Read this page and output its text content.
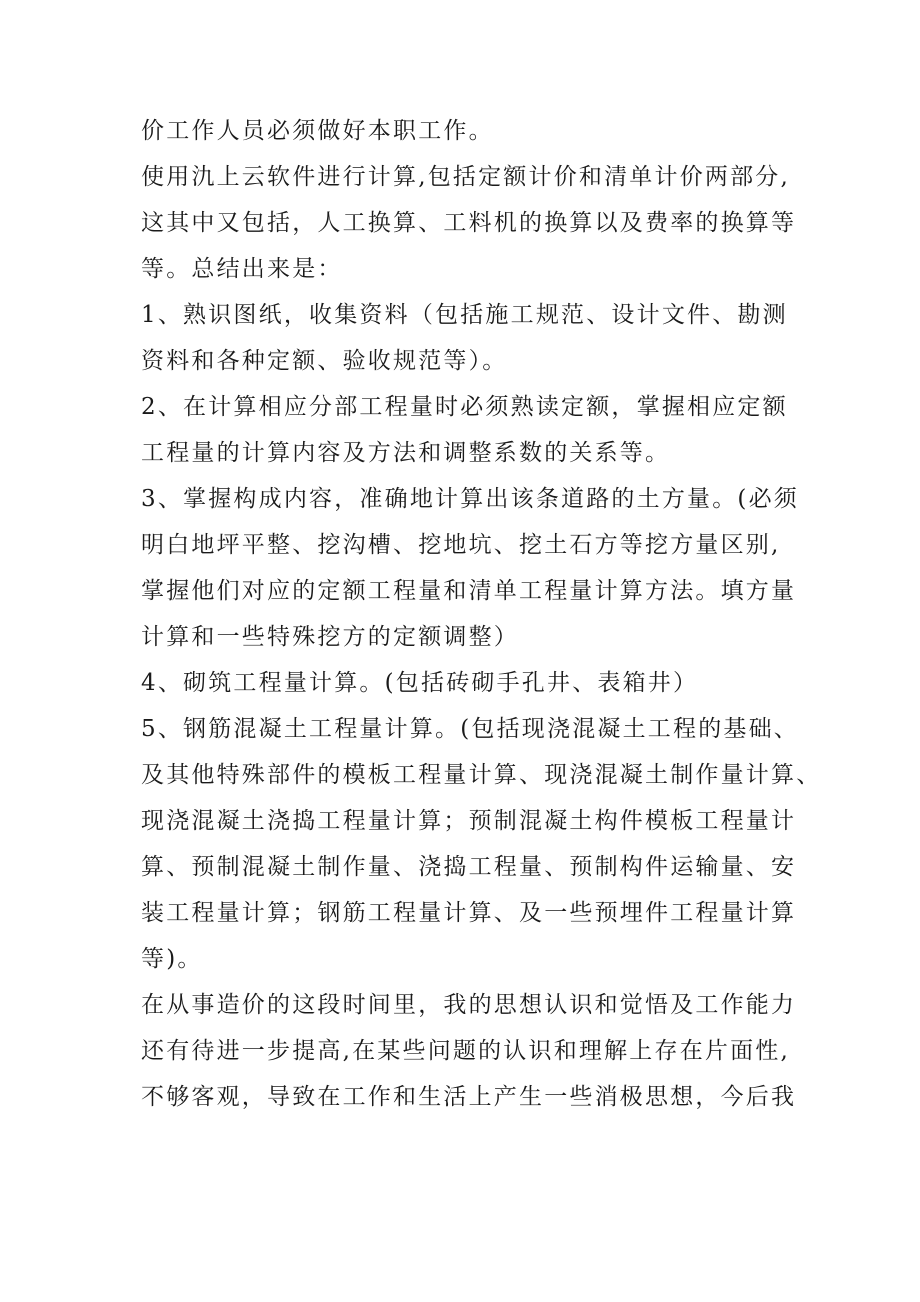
价工作人员必须做好本职工作。
使用氿上云软件进行计算,包括定额计价和清单计价两部分,
这其中又包括，人工换算、工料机的换算以及费率的换算等
等。总结出来是：
1、熟识图纸，收集资料（包括施工规范、设计文件、勘测
资料和各种定额、验收规范等）。
2、在计算相应分部工程量时必须熟读定额，掌握相应定额
工程量的计算内容及方法和调整系数的关系等。
3、掌握构成内容，准确地计算出该条道路的土方量。(必须
明白地坪平整、挖沟槽、挖地坑、挖土石方等挖方量区别,
掌握他们对应的定额工程量和清单工程量计算方法。填方量
计算和一些特殊挖方的定额调整）
4、砌筑工程量计算。(包括砖砌手孔井、表箱井）
5、钢筋混凝土工程量计算。(包括现浇混凝土工程的基础、
及其他特殊部件的模板工程量计算、现浇混凝土制作量计算、
现浇混凝土浇捣工程量计算；预制混凝土构件模板工程量计
算、预制混凝土制作量、浇捣工程量、预制构件运输量、安
装工程量计算；钢筋工程量计算、及一些预埋件工程量计算
等)。
在从事造价的这段时间里，我的思想认识和觉悟及工作能力
还有待进一步提高,在某些问题的认识和理解上存在片面性,
不够客观，导致在工作和生活上产生一些消极思想，今后我
